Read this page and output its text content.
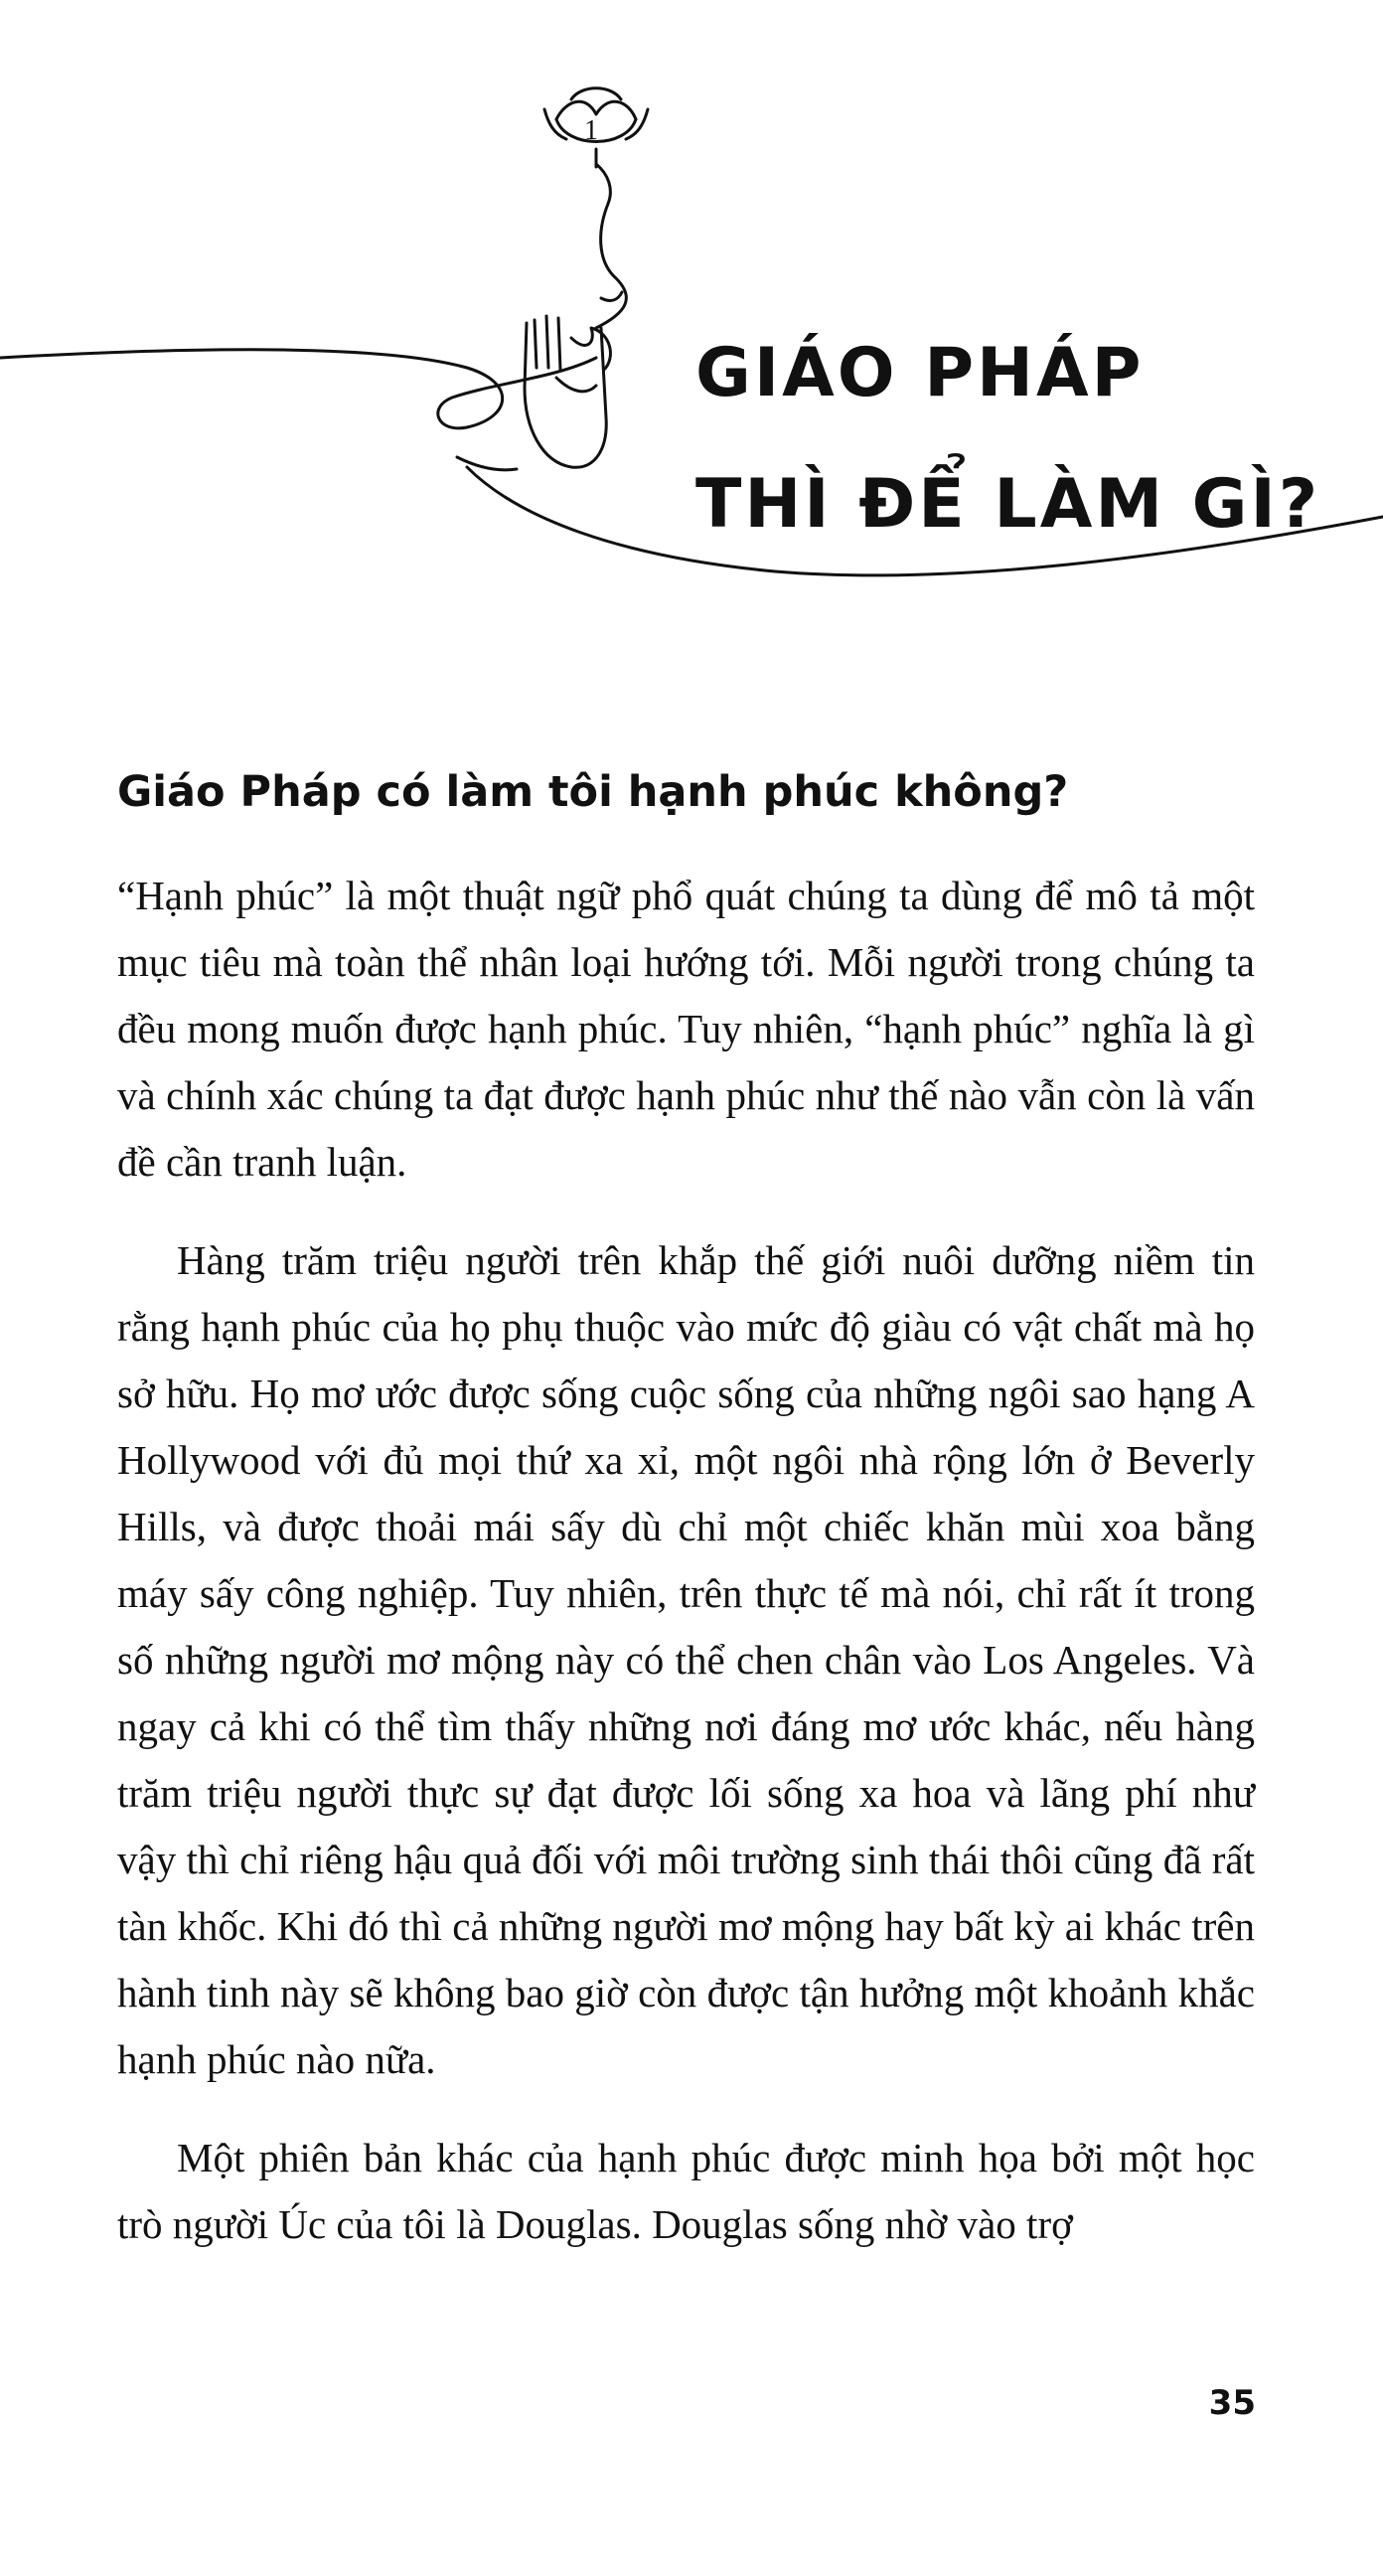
1
GIÁO PHÁP
THÌ ĐỂ LÀM GÌ?
Giáo Pháp có làm tôi hạnh phúc không?

“Hạnh phúc” là một thuật ngữ phổ quát chúng ta dùng để mô tả một mục tiêu mà toàn thể nhân loại hướng tới. Mỗi người trong chúng ta đều mong muốn được hạnh phúc. Tuy nhiên, “hạnh phúc” nghĩa là gì và chính xác chúng ta đạt được hạnh phúc như thế nào vẫn còn là vấn đề cần tranh luận.

Hàng trăm triệu người trên khắp thế giới nuôi dưỡng niềm tin rằng hạnh phúc của họ phụ thuộc vào mức độ giàu có vật chất mà họ sở hữu. Họ mơ ước được sống cuộc sống của những ngôi sao hạng A Hollywood với đủ mọi thứ xa xỉ, một ngôi nhà rộng lớn ở Beverly Hills, và được thoải mái sấy dù chỉ một chiếc khăn mùi xoa bằng máy sấy công nghiệp. Tuy nhiên, trên thực tế mà nói, chỉ rất ít trong số những người mơ mộng này có thể chen chân vào Los Angeles. Và ngay cả khi có thể tìm thấy những nơi đáng mơ ước khác, nếu hàng trăm triệu người thực sự đạt được lối sống xa hoa và lãng phí như vậy thì chỉ riêng hậu quả đối với môi trường sinh thái thôi cũng đã rất tàn khốc. Khi đó thì cả những người mơ mộng hay bất kỳ ai khác trên hành tinh này sẽ không bao giờ còn được tận hưởng một khoảnh khắc hạnh phúc nào nữa.

Một phiên bản khác của hạnh phúc được minh họa bởi một học trò người Úc của tôi là Douglas. Douglas sống nhờ vào trợ

35
